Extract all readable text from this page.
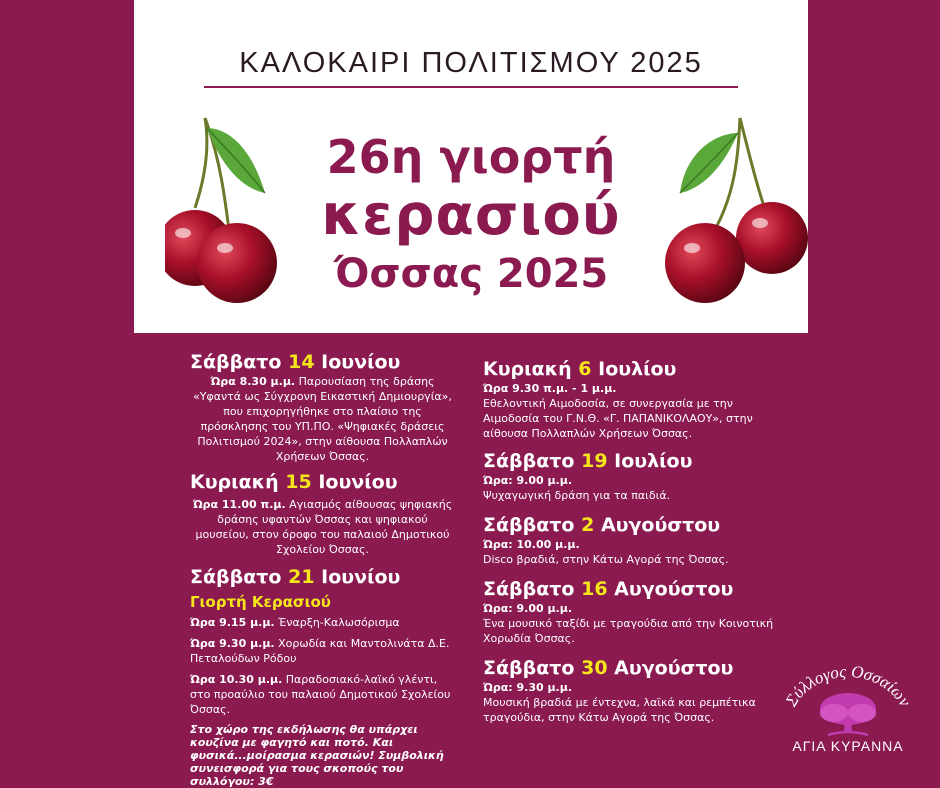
ΚΑΛΟΚΑΙΡΙ ΠΟΛΙΤΙΣΜΟΥ 2025
26η γιορτή
κερασιού
Όσσας 2025

Σάββατο 14 Ιουνίου

Ώρα 8.30 μ.μ. Παρουσίαση της δράσης «Υφαντά ως Σύγχρονη Εικαστική Δημιουργία», που επιχορηγήθηκε στο πλαίσιο της πρόσκλησης του ΥΠ.ΠΟ. «Ψηφιακές δράσεις Πολιτισμού 2024», στην αίθουσα Πολλαπλών Χρήσεων Όσσας.

Κυριακή 15 Ιουνίου

Ώρα 11.00 π.μ. Αγιασμός αίθουσας ψηφιακής δράσης υφαντών Όσσας και ψηφιακού μουσείου, στον όροφο του παλαιού Δημοτικού Σχολείου Όσσας.

Σάββατο 21 Ιουνίου

Γιορτή Κερασιού
Ώρα 9.15 μ.μ. Έναρξη-Καλωσόρισμα
Ώρα 9.30 μ.μ. Χορωδία και Μαντολινάτα Δ.Ε. Πεταλούδων Ρόδου
Ώρα 10.30 μ.μ. Παραδοσιακό-λαϊκό γλέντι, στο προαύλιο του παλαιού Δημοτικού Σχολείου Όσσας.
Στο χώρο της εκδήλωσης θα υπάρχει κουζίνα με φαγητό και ποτό. Και φυσικά...μοίρασμα κερασιών! Συμβολική συνεισφορά για τους σκοπούς του συλλόγου: 3€

Κυριακή 6 Ιουλίου

Ώρα 9.30 π.μ. - 1 μ.μ.
Εθελοντική Αιμοδοσία, σε συνεργασία με την Αιμοδοσία του Γ.Ν.Θ. «Γ. ΠΑΠΑΝΙΚΟΛΑΟΥ», στην αίθουσα Πολλαπλών Χρήσεων Όσσας.

Σάββατο 19 Ιουλίου

Ώρα: 9.00 μ.μ.
Ψυχαγωγική δράση για τα παιδιά.

Σάββατο 2 Αυγούστου

Ώρα: 10.00 μ.μ.
Disco βραδιά, στην Κάτω Αγορά της Όσσας.

Σάββατο 16 Αυγούστου

Ώρα: 9.00 μ.μ.
Ένα μουσικό ταξίδι με τραγούδια από την Κοινοτική Χορωδία Όσσας.

Σάββατο 30 Αυγούστου

Ώρα: 9.30 μ.μ.
Μουσική βραδιά με έντεχνα, λαϊκά και ρεμπέτικα τραγούδια, στην Κάτω Αγορά της Όσσας.
Σύλλογος Οσσαίων
ΑΓΙΑ ΚΥΡΑΝΝΑ
